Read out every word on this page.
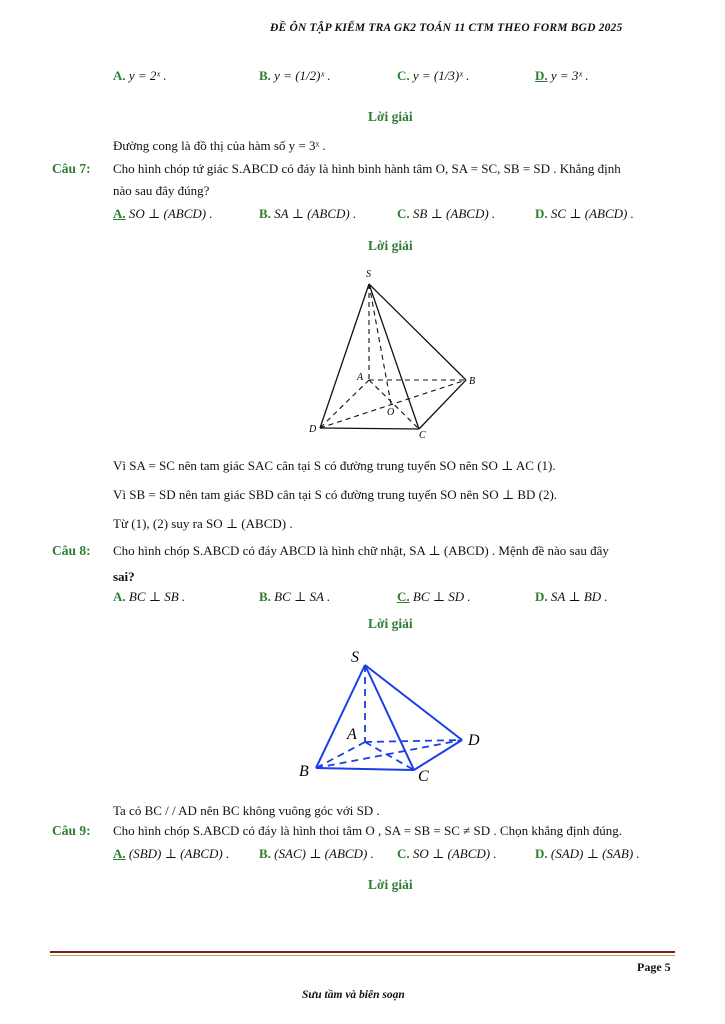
ĐỀ ÔN TẬP KIỂM TRA GK2 TOÁN 11 CTM THEO FORM BGD 2025
A. y = 2ˣ .	B. y = (1/2)ˣ .	C. y = (1/3)ˣ .	D. y = 3ˣ .
Lời giải
Đường cong là đồ thị của hàm số y = 3ˣ .
Câu 7: Cho hình chóp tứ giác S.ABCD có đáy là hình bình hành tâm O, SA = SC, SB = SD . Khẳng định
nào sau đây đúng?
A. SO ⊥ (ABCD) .	B. SA ⊥ (ABCD) .	C. SB ⊥ (ABCD) .	D. SC ⊥ (ABCD) .
Lời giải
S
A	B
C
D
O
Vì SA = SC nên tam giác SAC cân tại S có đường trung tuyến SO nên SO ⊥ AC (1).
Vì SB = SD nên tam giác SBD cân tại S có đường trung tuyến SO nên SO ⊥ BD (2).
Từ (1), (2) suy ra SO ⊥ (ABCD) .
Câu 8: Cho hình chóp S.ABCD có đáy ABCD là hình chữ nhật, SA ⊥ (ABCD) . Mệnh đề nào sau đây
sai?
A. BC ⊥ SB .	B. BC ⊥ SA .	C. BC ⊥ SD .	D. SA ⊥ BD .
Lời giải
S
A
B	C
D
Ta có BC / / AD nên BC không vuông góc với SD .
Câu 9: Cho hình chóp S.ABCD có đáy là hình thoi tâm O , SA = SB = SC ≠ SD . Chọn khẳng định đúng.
A. (SBD) ⊥ (ABCD) . B. (SAC) ⊥ (ABCD) . C. SO ⊥ (ABCD) .	D. (SAD) ⊥ (SAB) .
Lời giải
Page 5
Sưu tầm và biên soạn
